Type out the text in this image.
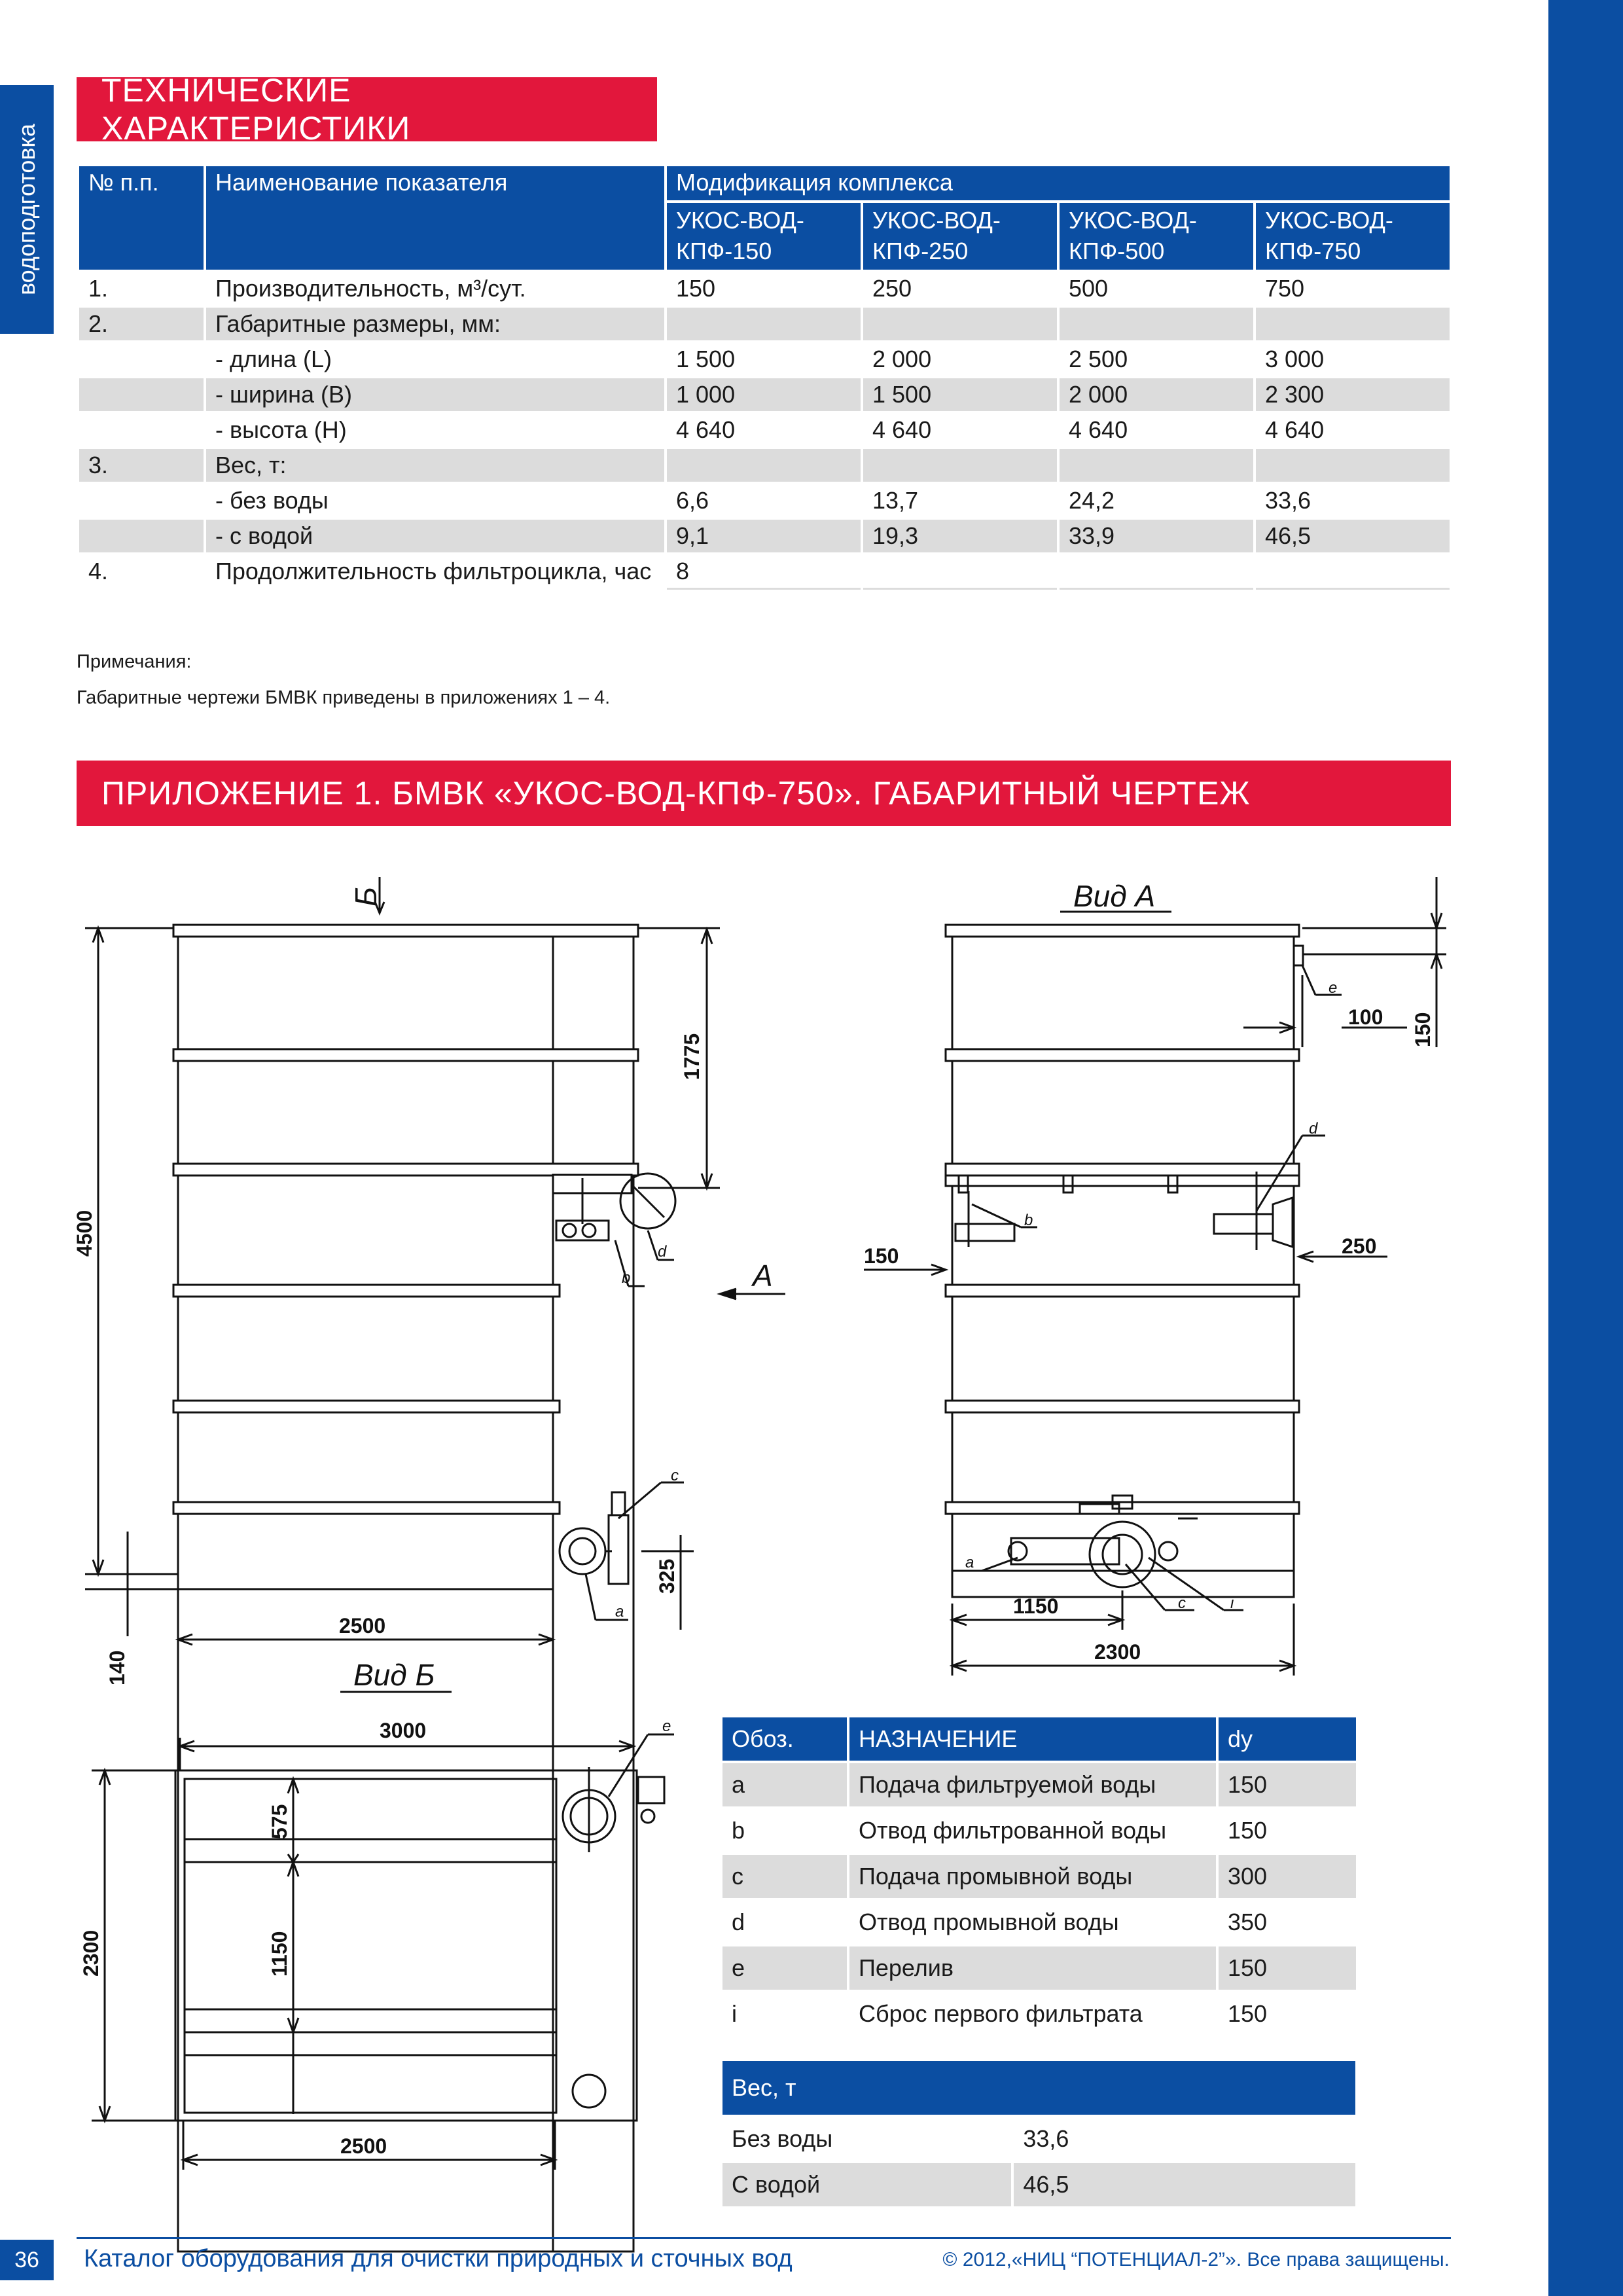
водоподготовка
ТЕХНИЧЕСКИЕ ХАРАКТЕРИСТИКИ
№ п.п.	Наименование показателя	Модификация комплекса			
		УКОС-ВОД-КПФ-150	УКОС-ВОД-КПФ-250	УКОС-ВОД-КПФ-500	УКОС-ВОД-КПФ-750
1.	Производительность, м³/сут.	150	250	500	750
2.	Габаритные размеры, мм:				
	- длина (L)	1 500	2 000	2 500	3 000
	- ширина (B)	1 000	1 500	2 000	2 300
	- высота (H)	4 640	4 640	4 640	4 640
3.	Вес, т:				
	- без воды	6,6	13,7	24,2	33,6
	- с водой	9,1	19,3	33,9	46,5
4.	Продолжительность фильтроцикла, час	8			
Примечания:
Габаритные чертежи БМВК приведены в приложениях 1 – 4.
ПРИЛОЖЕНИЕ 1. БМВК «УКОС-ВОД-КПФ-750». ГАБАРИТНЫЙ ЧЕРТЕЖ
4500
1775
2500
140
325
Б
А
b
d
c
a
Вид А
150
100 150
250
1150
2300
e
d
b
a
c	i
Вид Б
3000
2300
575
1150
2500
e	Обоз.	НАЗНАЧЕНИЕ	dy
a	Подача фильтруемой воды	150
b	Отвод фильтрованной воды	150
c	Подача промывной воды	300
d	Отвод промывной воды	350
e	Перелив	150
i	Сброс первого фильтрата	150
Вес, т	
Без воды	33,6
С водой	46,5
36	Каталог оборудования для очистки природных и сточных вод	© 2012,«НИЦ “ПОТЕНЦИАЛ-2”». Все права защищены.
